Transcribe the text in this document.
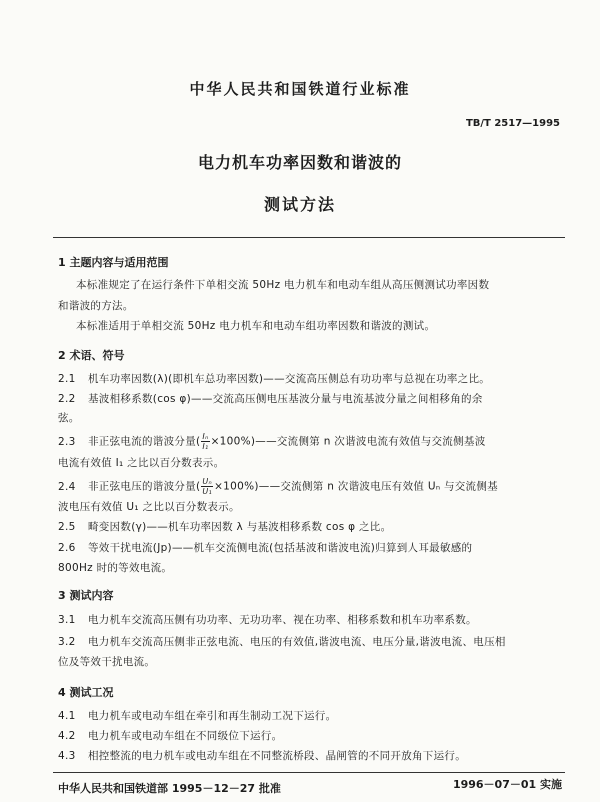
中华人民共和国铁道行业标准
TB/T 2517—1995
电力机车功率因数和谐波的
测试方法
1 主题内容与适用范围
本标准规定了在运行条件下单相交流 50Hz 电力机车和电动车组从高压侧测试功率因数
和谐波的方法。
本标准适用于单相交流 50Hz 电力机车和电动车组功率因数和谐波的测试。
2 术语、符号
2.1 机车功率因数(λ)(即机车总功率因数)——交流高压侧总有功功率与总视在功率之比。
2.2 基波相移系数(cos φ)——交流高压侧电压基波分量与电流基波分量之间相移角的余
弦。
2.3 非正弦电流的谐波分量( $\frac{\text{Iₙ}}{\text{I₁}}$ ×100%)——交流侧第 n 次谐波电流有效值与交流侧基波
电流有效值 I₁ 之比以百分数表示。
2.4 非正弦电压的谐波分量( $\frac{\text{Uₙ}}{\text{U₁}}$ ×100%)——交流侧第 n 次谐波电压有效值 Uₙ 与交流侧基
波电压有效值 U₁ 之比以百分数表示。
2.5 畸变因数(γ)——机车功率因数 λ 与基波相移系数 cos φ 之比。
2.6 等效干扰电流(Jp)——机车交流侧电流(包括基波和谐波电流)归算到人耳最敏感的
800Hz 时的等效电流。
3 测试内容
3.1 电力机车交流高压侧有功功率、无功功率、视在功率、相移系数和机车功率系数。
3.2 电力机车交流高压侧非正弦电流、电压的有效值,谐波电流、电压分量,谐波电流、电压相
位及等效干扰电流。
4 测试工况
4.1 电力机车或电动车组在牵引和再生制动工况下运行。
4.2 电力机车或电动车组在不同级位下运行。
4.3 相控整流的电力机车或电动车组在不同整流桥段、晶闸管的不同开放角下运行。
中华人民共和国铁道部 1995－12－27 批准	1996－07－01 实施
